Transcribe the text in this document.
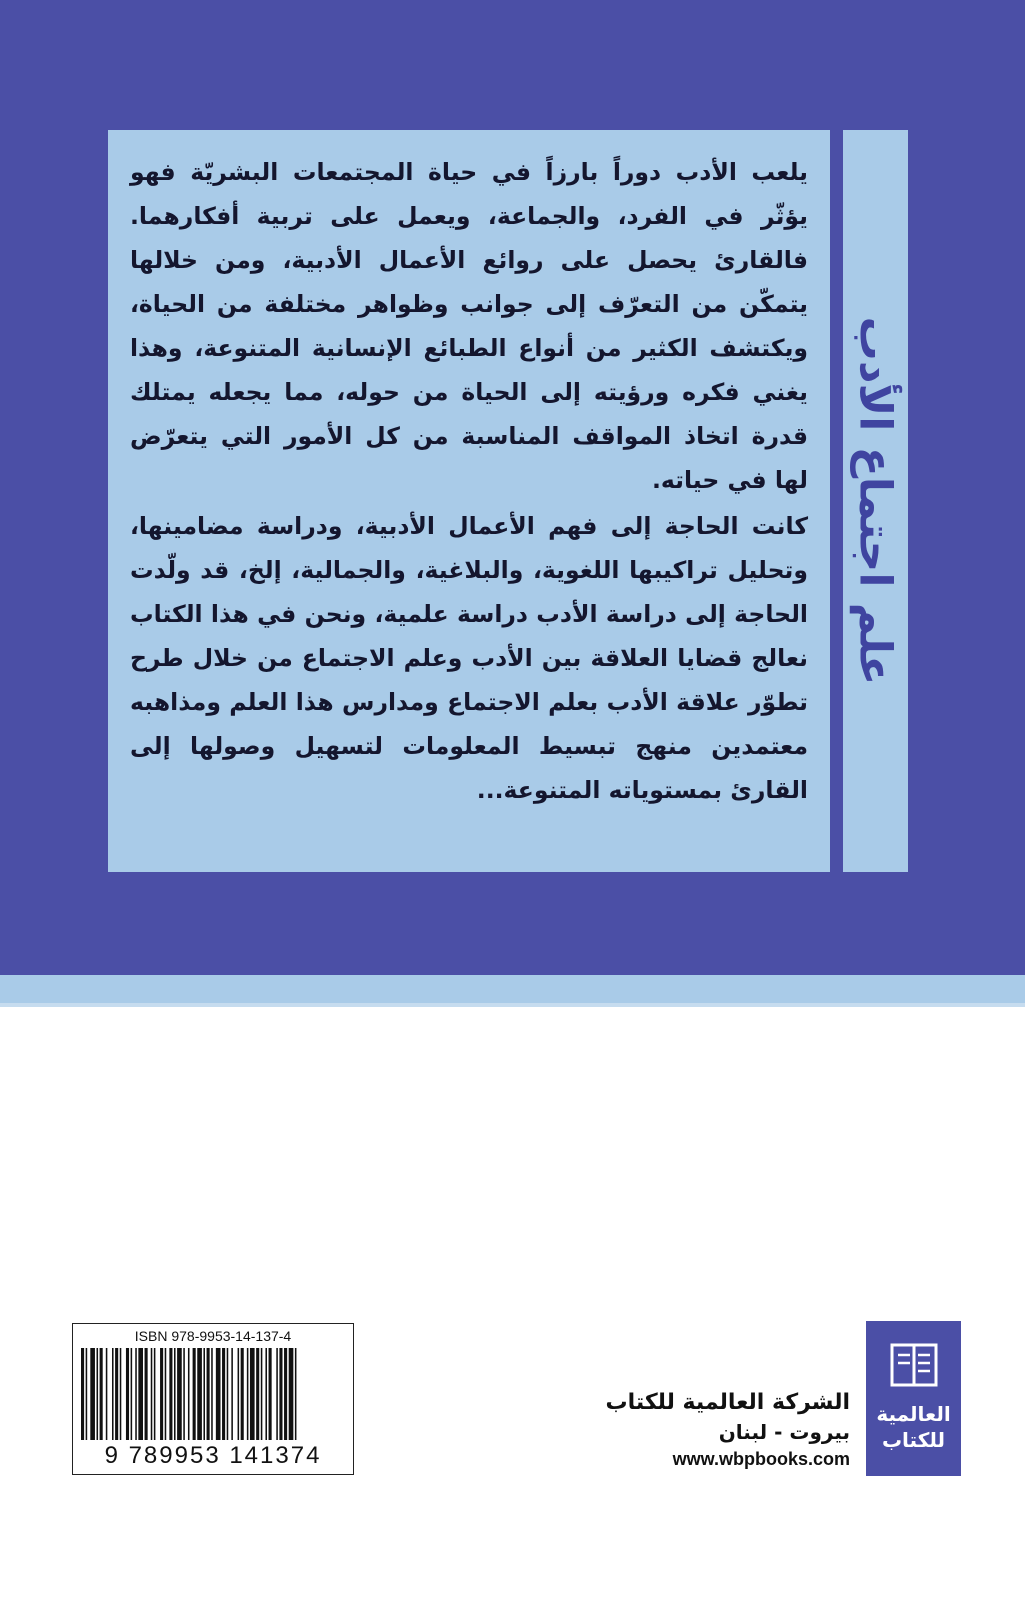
يلعب الأدب دوراً بارزاً في حياة المجتمعات البشريّة فهو يؤثّر في الفرد، والجماعة، ويعمل على تربية أفكارهما. فالقارئ يحصل على روائع الأعمال الأدبية، ومن خلالها يتمكّن من التعرّف إلى جوانب وظواهر مختلفة من الحياة، ويكتشف الكثير من أنواع الطبائع الإنسانية المتنوعة، وهذا يغني فكره ورؤيته إلى الحياة من حوله، مما يجعله يمتلك قدرة اتخاذ المواقف المناسبة من كل الأمور التي يتعرّض لها في حياته.

كانت الحاجة إلى فهم الأعمال الأدبية، ودراسة مضامينها، وتحليل تراكيبها اللغوية، والبلاغية، والجمالية، إلخ، قد ولّدت الحاجة إلى دراسة الأدب دراسة علمية، ونحن في هذا الكتاب نعالج قضايا العلاقة بين الأدب وعلم الاجتماع من خلال طرح تطوّر علاقة الأدب بعلم الاجتماع ومدارس هذا العلم ومذاهبه معتمدين منهج تبسيط المعلومات لتسهيل وصولها إلى القارئ بمستوياته المتنوعة...

علم اجتماع الأدب
ISBN 978-9953-14-137-4
9 789953 141374
الشركة العالمية للكتاب
بيروت - لبنان
www.wbpbooks.com
العالمية
للكتاب
